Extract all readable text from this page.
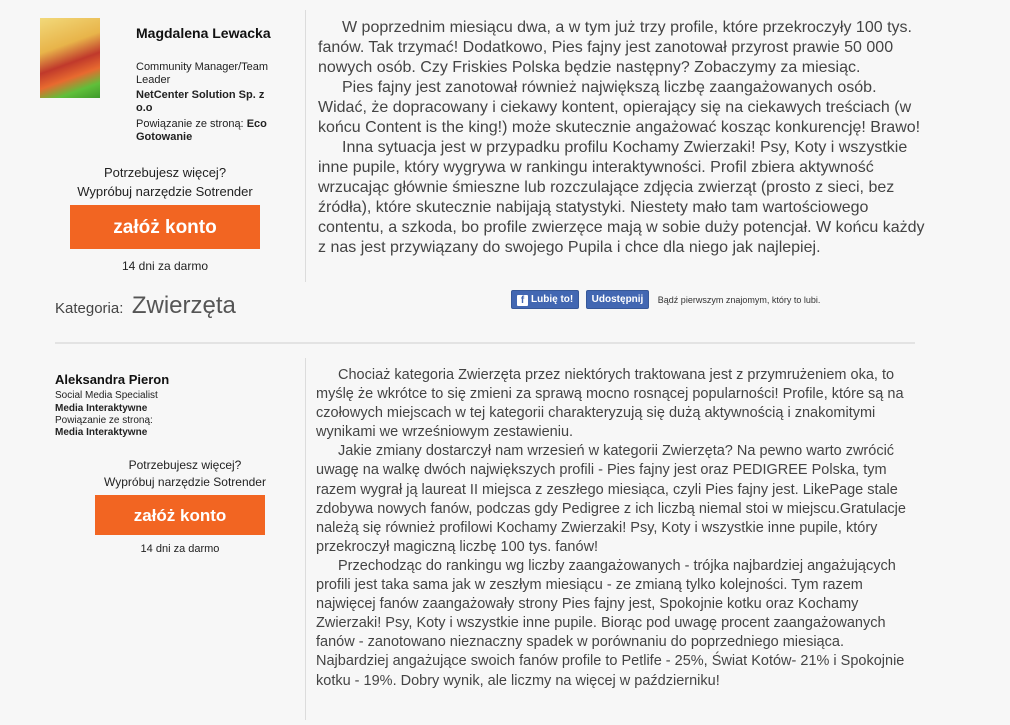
Magdalena Lewacka
Community Manager/Team Leader
NetCenter Solution Sp. z o.o
Powiązanie ze stroną: Eco Gotowanie
Potrzebujesz więcej?
Wypróbuj narzędzie Sotrender
załóż konto
14 dni za darmo

W poprzednim miesiącu dwa, a w tym już trzy profile, które przekroczyły 100 tys. fanów. Tak trzymać! Dodatkowo, Pies fajny jest zanotował przyrost prawie 50 000 nowych osób. Czy Friskies Polska będzie następny? Zobaczymy za miesiąc.

Pies fajny jest zanotował również największą liczbę zaangażowanych osób. Widać, że dopracowany i ciekawy kontent, opierający się na ciekawych treściach (w końcu Content is the king!) może skutecznie angażować kosząc konkurencję! Brawo!

Inna sytuacja jest w przypadku profilu Kochamy Zwierzaki! Psy, Koty i wszystkie inne pupile, który wygrywa w rankingu interaktywności. Profil zbiera aktywność wrzucając głównie śmieszne lub rozczulające zdjęcia zwierząt (prosto z sieci, bez źródła), które skutecznie nabijają statystyki. Niestety mało tam wartościowego contentu, a szkoda, bo profile zwierzęce mają w sobie duży potencjał. W końcu każdy z nas jest przywiązany do swojego Pupila i chce dla niego jak najlepiej.

Kategoria: Zwierzęta	f Lubię to! Udostępnij Bądź pierwszym znajomym, który to lubi.
Aleksandra Pieron
Social Media Specialist
Media Interaktywne
Powiązanie ze stroną:
Media Interaktywne
Potrzebujesz więcej?
Wypróbuj narzędzie Sotrender
załóż konto
14 dni za darmo

Chociaż kategoria Zwierzęta przez niektórych traktowana jest z przymrużeniem oka, to myślę że wkrótce to się zmieni za sprawą mocno rosnącej popularności! Profile, które są na czołowych miejscach w tej kategorii charakteryzują się dużą aktywnością i znakomitymi wynikami we wrześniowym zestawieniu.

Jakie zmiany dostarczył nam wrzesień w kategorii Zwierzęta? Na pewno warto zwrócić uwagę na walkę dwóch największych profili - Pies fajny jest oraz PEDIGREE Polska, tym razem wygrał ją laureat II miejsca z zeszłego miesiąca, czyli Pies fajny jest. LikePage stale zdobywa nowych fanów, podczas gdy Pedigree z ich liczbą niemal stoi w miejscu.Gratulacje należą się również profilowi Kochamy Zwierzaki! Psy, Koty i wszystkie inne pupile, który przekroczył magiczną liczbę 100 tys. fanów!

Przechodząc do rankingu wg liczby zaangażowanych - trójka najbardziej angażujących profili jest taka sama jak w zeszłym miesiącu - ze zmianą tylko kolejności. Tym razem najwięcej fanów zaangażowały strony Pies fajny jest, Spokojnie kotku oraz Kochamy Zwierzaki! Psy, Koty i wszystkie inne pupile. Biorąc pod uwagę procent zaangażowanych fanów - zanotowano nieznaczny spadek w porównaniu do poprzedniego miesiąca. Najbardziej angażujące swoich fanów profile to Petlife - 25%, Świat Kotów- 21% i Spokojnie kotku - 19%. Dobry wynik, ale liczmy na więcej w październiku!
